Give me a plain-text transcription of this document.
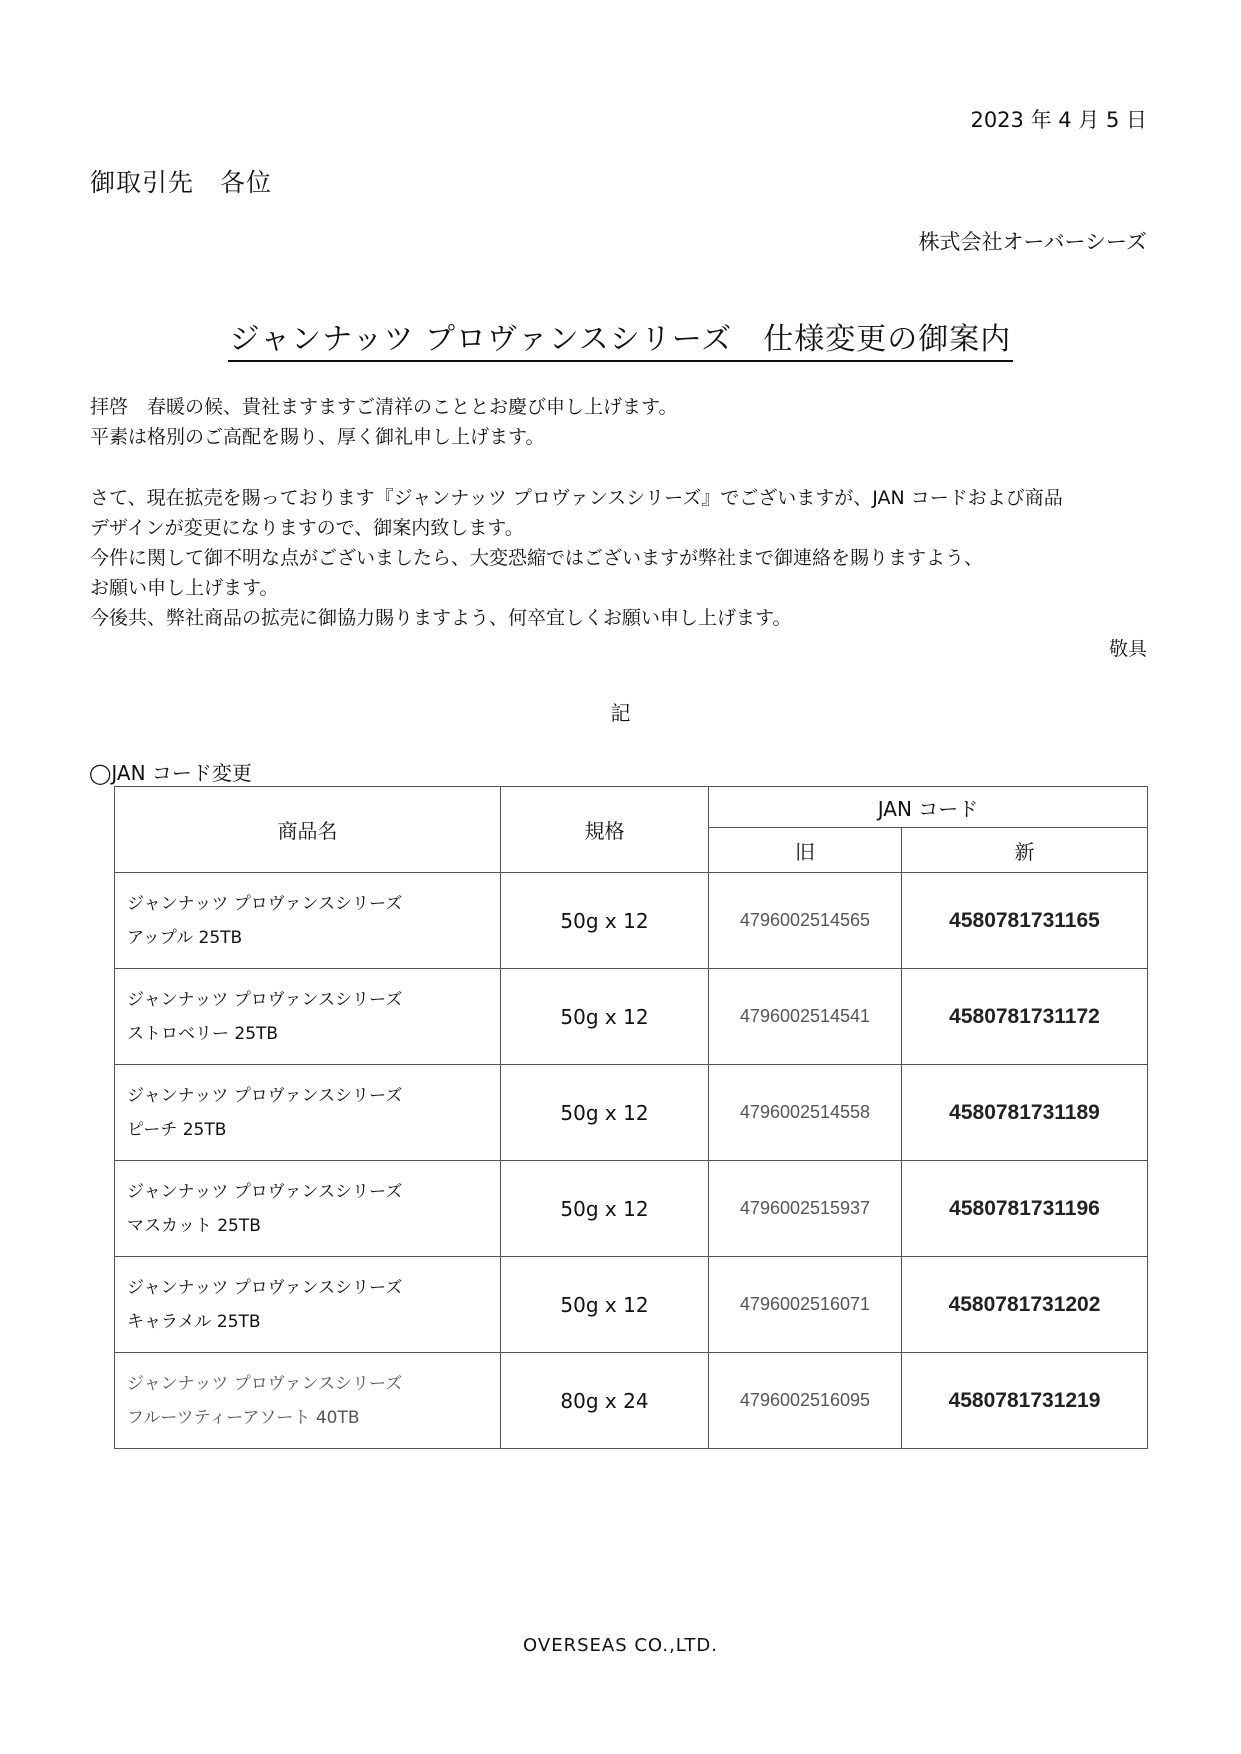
2023 年 4 月 5 日
御取引先　各位
株式会社オーバーシーズ
ジャンナッツ プロヴァンスシリーズ　仕様変更の御案内
拝啓　春暖の候、貴社ますますご清祥のこととお慶び申し上げます。
平素は格別のご高配を賜り、厚く御礼申し上げます。
さて、現在拡売を賜っております『ジャンナッツ プロヴァンスシリーズ』でございますが、JAN コードおよび商品
デザインが変更になりますので、御案内致します。
今件に関して御不明な点がございましたら、大変恐縮ではございますが弊社まで御連絡を賜りますよう、
お願い申し上げます。
今後共、弊社商品の拡売に御協力賜りますよう、何卒宜しくお願い申し上げます。
敬具
記
◯JAN コード変更
商品名	規格	JAN コード	
		旧	新

ジャンナッツ プロヴァンスシリーズ
アップル 25TB	50g x 12	4796002514565	4580781731165

ジャンナッツ プロヴァンスシリーズ
ストロベリー 25TB	50g x 12	4796002514541	4580781731172

ジャンナッツ プロヴァンスシリーズ
ピーチ 25TB	50g x 12	4796002514558	4580781731189

ジャンナッツ プロヴァンスシリーズ
マスカット 25TB	50g x 12	4796002515937	4580781731196

ジャンナッツ プロヴァンスシリーズ
キャラメル 25TB	50g x 12	4796002516071	4580781731202

ジャンナッツ プロヴァンスシリーズ
フルーツティーアソート 40TB	80g x 24	4796002516095	4580781731219
OVERSEAS CO.,LTD.
